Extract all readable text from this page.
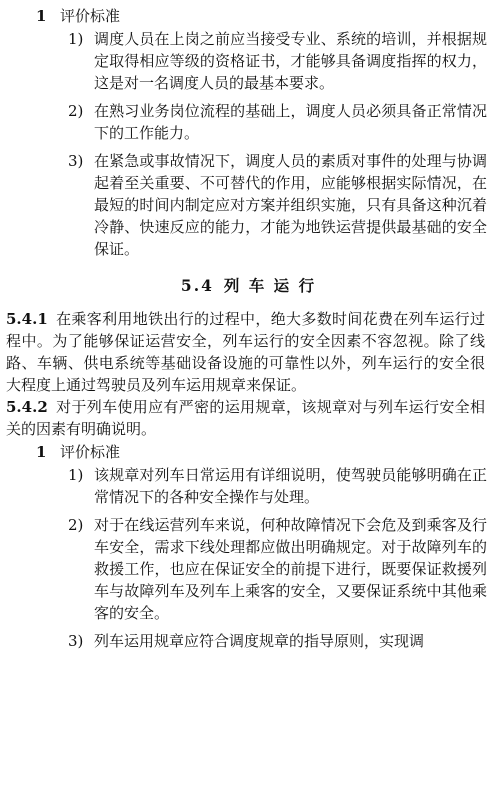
1 评价标准
1) 调度人员在上岗之前应当接受专业、系统的培训，并根据规定取得相应等级的资格证书，才能够具备调度指挥的权力，这是对一名调度人员的最基本要求。
2) 在熟习业务岗位流程的基础上，调度人员必须具备正常情况下的工作能力。
3) 在紧急或事故情况下，调度人员的素质对事件的处理与协调起着至关重要、不可替代的作用，应能够根据实际情况，在最短的时间内制定应对方案并组织实施，只有具备这种沉着冷静、快速反应的能力，才能为地铁运营提供最基础的安全保证。
5.4 列 车 运 行
5.4.1 在乘客利用地铁出行的过程中，绝大多数时间花费在列车运行过程中。为了能够保证运营安全，列车运行的安全因素不容忽视。除了线路、车辆、供电系统等基础设备设施的可靠性以外，列车运行的安全很大程度上通过驾驶员及列车运用规章来保证。
5.4.2 对于列车使用应有严密的运用规章，该规章对与列车运行安全相关的因素有明确说明。
1 评价标准
1) 该规章对列车日常运用有详细说明，使驾驶员能够明确在正常情况下的各种安全操作与处理。
2) 对于在线运营列车来说，何种故障情况下会危及到乘客及行车安全，需求下线处理都应做出明确规定。对于故障列车的救援工作，也应在保证安全的前提下进行，既要保证救援列车与故障列车及列车上乘客的安全，又要保证系统中其他乘客的安全。
3) 列车运用规章应符合调度规章的指导原则，实现调
